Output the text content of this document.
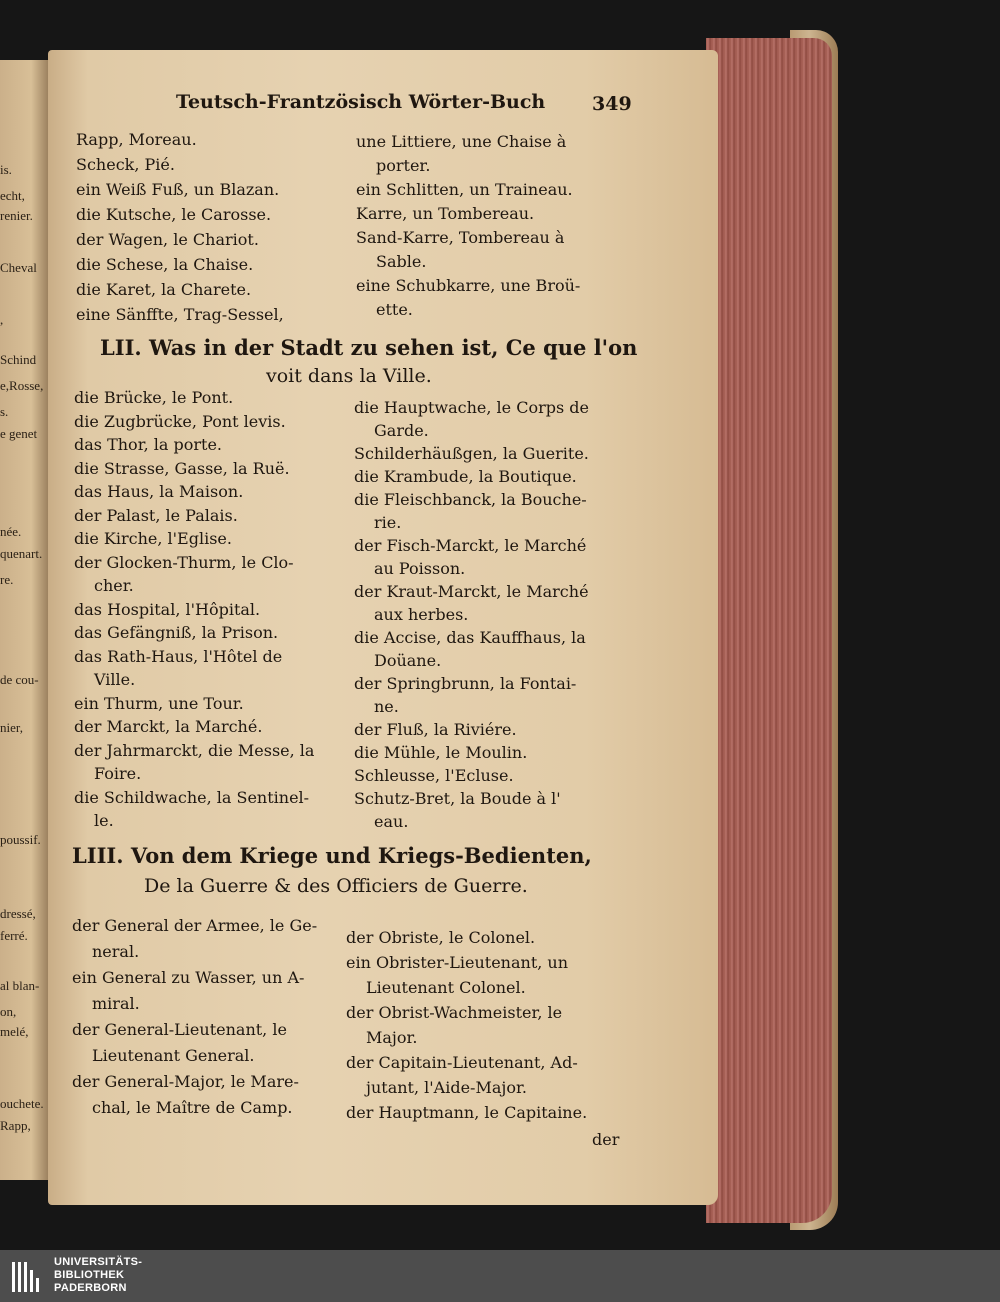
is.
echt,
renier.
Cheval
,
Schind
e,Rosse,
s.
e genet
née.
quenart.
re.
de cou-
nier,
poussif.
dressé,
ferré.
al blan-
on,
melé,
ouchete.
Rapp,
Teutsch-Frantzösisch Wörter-Buch 349
Rapp, Moreau.
Scheck, Pié.
ein Weiß Fuß, un Blazan.
die Kutsche, le Carosse.
der Wagen, le Chariot.
die Schese, la Chaise.
die Karet, la Charete.
eine Sänffte, Trag-Sessel,
une Littiere, une Chaise à
porter.
ein Schlitten, un Traineau.
Karre, un Tombereau.
Sand-Karre, Tombereau à
Sable.
eine Schubkarre, une Broü-
ette.
LII. Was in der Stadt zu sehen ist, Ce que l'on
voit dans la Ville.
die Brücke, le Pont.
die Zugbrücke, Pont levis.
das Thor, la porte.
die Strasse, Gasse, la Ruë.
das Haus, la Maison.
der Palast, le Palais.
die Kirche, l'Eglise.
der Glocken-Thurm, le Clo-
cher.
das Hospital, l'Hôpital.
das Gefängniß, la Prison.
das Rath-Haus, l'Hôtel de
Ville.
ein Thurm, une Tour.
der Marckt, la Marché.
der Jahrmarckt, die Messe, la
Foire.
die Schildwache, la Sentinel-
le.
die Hauptwache, le Corps de
Garde.
Schilderhäußgen, la Guerite.
die Krambude, la Boutique.
die Fleischbanck, la Bouche-
rie.
der Fisch-Marckt, le Marché
au Poisson.
der Kraut-Marckt, le Marché
aux herbes.
die Accise, das Kauffhaus, la
Doüane.
der Springbrunn, la Fontai-
ne.
der Fluß, la Riviére.
die Mühle, le Moulin.
Schleusse, l'Ecluse.
Schutz-Bret, la Boude à l'
eau.
LIII. Von dem Kriege und Kriegs-Bedienten,
De la Guerre & des Officiers de Guerre.
der General der Armee, le Ge-
neral.
ein General zu Wasser, un A-
miral.
der General-Lieutenant, le
Lieutenant General.
der General-Major, le Mare-
chal, le Maître de Camp.
der Obriste, le Colonel.
ein Obrister-Lieutenant, un
Lieutenant Colonel.
der Obrist-Wachmeister, le
Major.
der Capitain-Lieutenant, Ad-
jutant, l'Aide-Major.
der Hauptmann, le Capitaine.
der
UNIVERSITÄTS-
BIBLIOTHEK
PADERBORN
